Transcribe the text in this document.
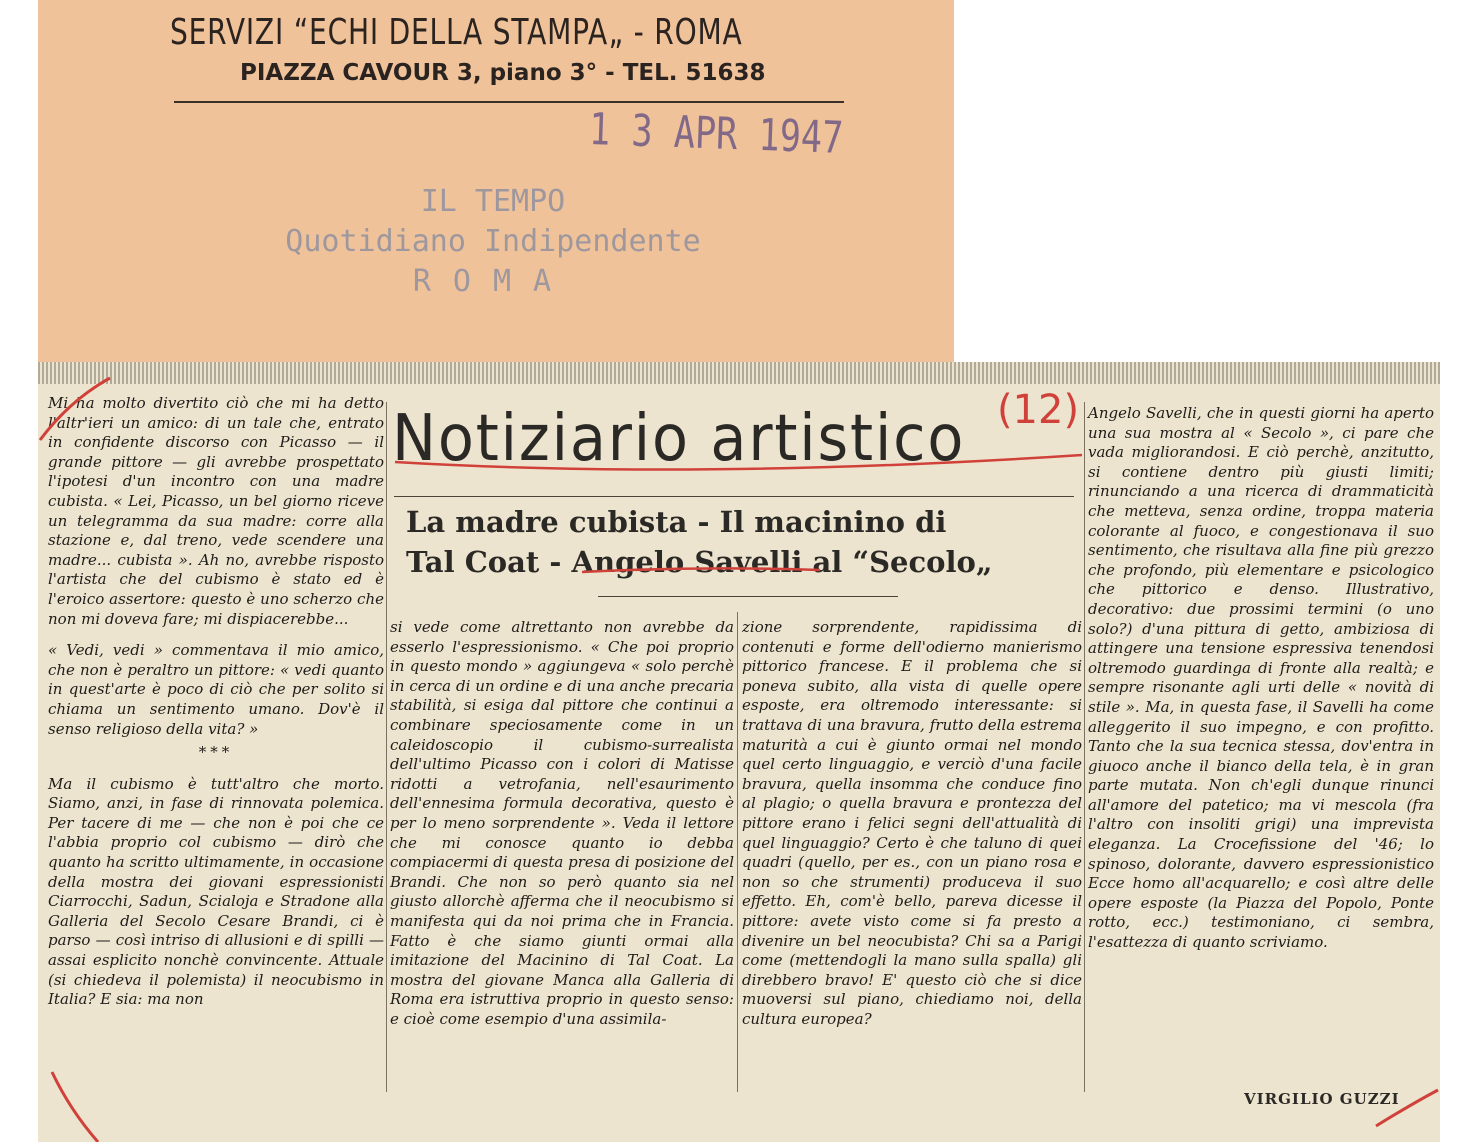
SERVIZI “ECHI DELLA STAMPA„ - ROMA
PIAZZA CAVOUR 3, piano 3° - TEL. 51638
1 3 APR 1947
IL TEMPO
Quotidiano Indipendente
ROMA
(12)
Notiziario artistico
La madre cubista - Il macinino di
Tal Coat - Angelo Savelli al “Secolo„

Mi ha molto divertito ciò che mi ha detto l'altr'ieri un amico: di un tale che, entrato in confidente discorso con Picasso — il grande pittore — gli avrebbe prospettato l'ipotesi d'un incontro con una madre cubista. « Lei, Picasso, un bel giorno riceve un telegramma da sua madre: corre alla stazione e, dal treno, vede scendere una madre... cubista ». Ah no, avrebbe risposto l'artista che del cubismo è stato ed è l'eroico assertore: questo è uno scherzo che non mi doveva fare; mi dispiacerebbe...

« Vedi, vedi » commentava il mio amico, che non è peraltro un pittore: « vedi quanto in quest'arte è poco di ciò che per solito si chiama un sentimento umano. Dov'è il senso religioso della vita? »

***

Ma il cubismo è tutt'altro che morto. Siamo, anzi, in fase di rinnovata polemica. Per tacere di me — che non è poi che ce l'abbia proprio col cubismo — dirò che quanto ha scritto ultimamente, in occasione della mostra dei giovani espressionisti Ciarrocchi, Sadun, Scialoja e Stradone alla Galleria del Secolo Cesare Brandi, ci è parso — così intriso di allusioni e di spilli — assai esplicito nonchè convincente. Attuale (si chiedeva il polemista) il neocubismo in Italia? E sia: ma non

si vede come altrettanto non avrebbe da esserlo l'espressionismo. « Che poi proprio in questo mondo » aggiungeva « solo perchè in cerca di un ordine e di una anche precaria stabilità, si esiga dal pittore che continui a combinare speciosamente come in un caleidoscopio il cubismo-surrealista dell'ultimo Picasso con i colori di Matisse ridotti a vetrofania, nell'esaurimento dell'ennesima formula decorativa, questo è per lo meno sorprendente ». Veda il lettore che mi conosce quanto io debba compiacermi di questa presa di posizione del Brandi. Che non so però quanto sia nel giusto allorchè afferma che il neocubismo si manifesta qui da noi prima che in Francia. Fatto è che siamo giunti ormai alla imitazione del Macinino di Tal Coat. La mostra del giovane Manca alla Galleria di Roma era istruttiva proprio in questo senso: e cioè come esempio d'una assimila-

zione sorprendente, rapidissima di contenuti e forme dell'odierno manierismo pittorico francese. E il problema che si poneva subito, alla vista di quelle opere esposte, era oltremodo interessante: si trattava di una bravura, frutto della estrema maturità a cui è giunto ormai nel mondo quel certo linguaggio, e verciò d'una facile bravura, quella insomma che conduce fino al plagio; o quella bravura e prontezza del pittore erano i felici segni dell'attualità di quel linguaggio? Certo è che taluno di quei quadri (quello, per es., con un piano rosa e non so che strumenti) produceva il suo effetto. Eh, com'è bello, pareva dicesse il pittore: avete visto come si fa presto a divenire un bel neocubista? Chi sa a Parigi come (mettendogli la mano sulla spalla) gli direbbero bravo! E' questo ciò che si dice muoversi sul piano, chiediamo noi, della cultura europea?

Angelo Savelli, che in questi giorni ha aperto una sua mostra al « Secolo », ci pare che vada migliorandosi. E ciò perchè, anzitutto, si contiene dentro più giusti limiti; rinunciando a una ricerca di drammaticità che metteva, senza ordine, troppa materia colorante al fuoco, e congestionava il suo sentimento, che risultava alla fine più grezzo che profondo, più elementare e psicologico che pittorico e denso. Illustrativo, decorativo: due prossimi termini (o uno solo?) d'una pittura di getto, ambiziosa di attingere una tensione espressiva tenendosi oltremodo guardinga di fronte alla realtà; e sempre risonante agli urti delle « novità di stile ». Ma, in questa fase, il Savelli ha come alleggerito il suo impegno, e con profitto. Tanto che la sua tecnica stessa, dov'entra in giuoco anche il bianco della tela, è in gran parte mutata. Non ch'egli dunque rinunci all'amore del patetico; ma vi mescola (fra l'altro con insoliti grigi) una imprevista eleganza. La Crocefissione del '46; lo spinoso, dolorante, davvero espressionistico Ecce homo all'acquarello; e così altre delle opere esposte (la Piazza del Popolo, Ponte rotto, ecc.) testimoniano, ci sembra, l'esattezza di quanto scriviamo.

VIRGILIO GUZZI
